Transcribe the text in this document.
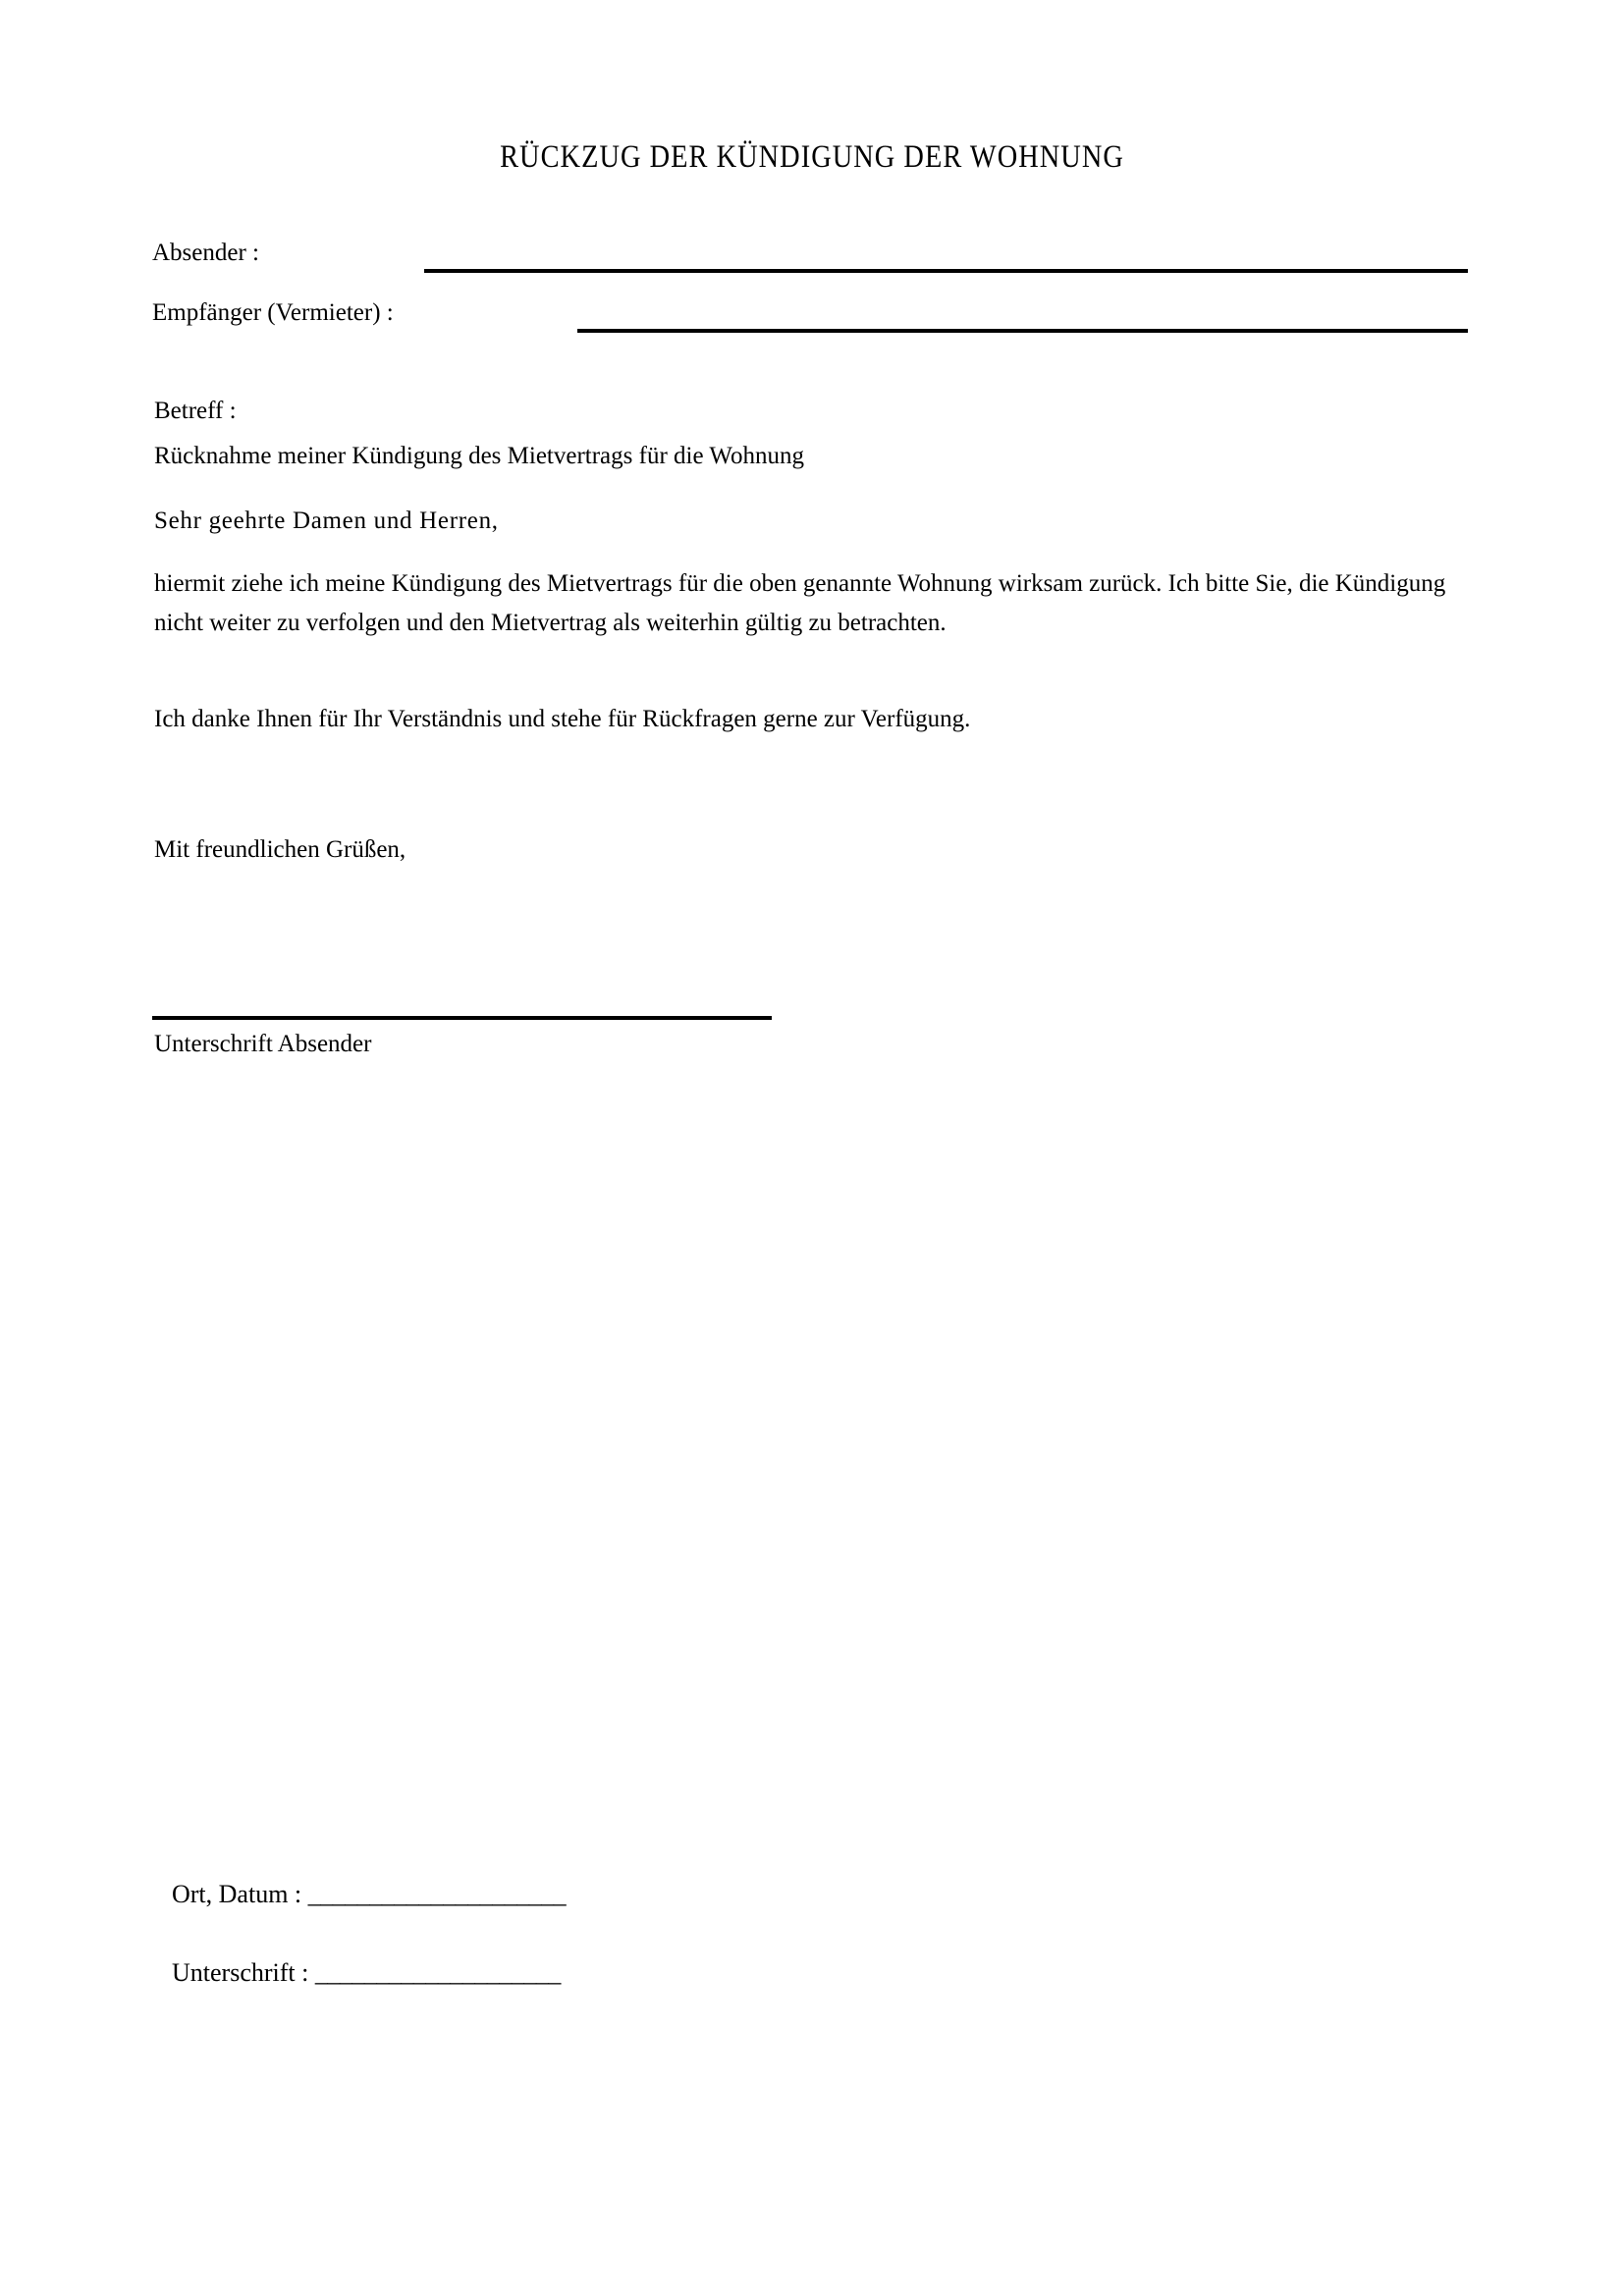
RÜCKZUG DER KÜNDIGUNG DER WOHNUNG
Absender :
Empfänger (Vermieter) :
Betreff :
Rücknahme meiner Kündigung des Mietvertrags für die Wohnung
Sehr geehrte Damen und Herren,
hiermit ziehe ich meine Kündigung des Mietvertrags für die oben genannte Wohnung wirksam zurück. Ich bitte Sie, die Kündigung nicht weiter zu verfolgen und den Mietvertrag als weiterhin gültig zu betrachten.
Ich danke Ihnen für Ihr Verständnis und stehe für Rückfragen gerne zur Verfügung.
Mit freundlichen Grüßen,
Unterschrift Absender
Ort, Datum : _____________________
Unterschrift : ____________________
